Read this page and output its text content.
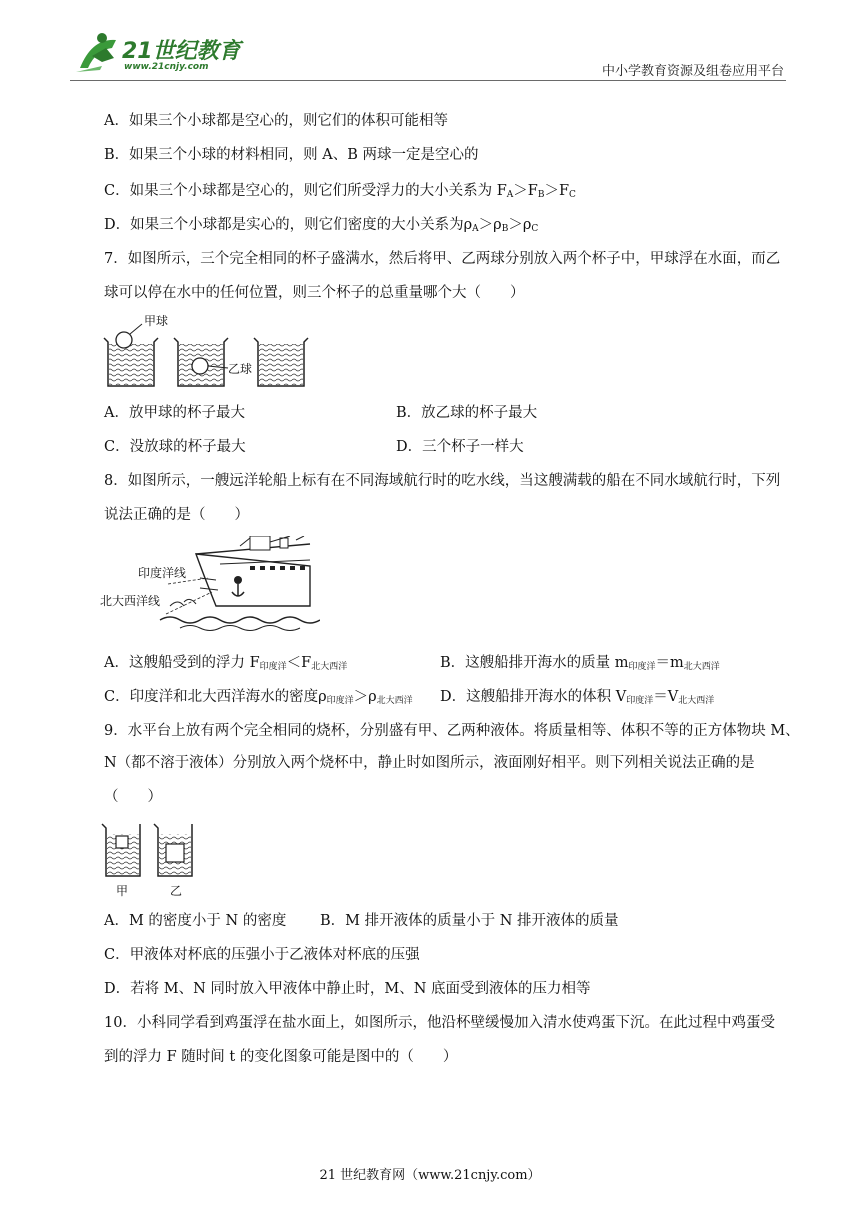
21世纪教育
www.21cnjy.com	中小学教育资源及组卷应用平台
A．如果三个小球都是空心的，则它们的体积可能相等
B．如果三个小球的材料相同，则 A、B 两球一定是空心的
C．如果三个小球都是空心的，则它们所受浮力的大小关系为 $F_A>F_B>F_C$
D．如果三个小球都是实心的，则它们密度的大小关系为$\rho_A>\rho_B>\rho_C$
7．如图所示，三个完全相同的杯子盛满水，然后将甲、乙两球分别放入两个杯子中，甲球浮在水面，而乙
球可以停在水中的任何位置，则三个杯子的总重量哪个大（　　）
甲球
乙球
A．放甲球的杯子最大	B．放乙球的杯子最大
C．没放球的杯子最大	D．三个杯子一样大
8．如图所示，一艘远洋轮船上标有在不同海域航行时的吃水线，当这艘满载的船在不同水域航行时，下列
说法正确的是（　　）
印度洋线
北大西洋线
A．这艘船受到的浮力 $F_{印度洋}<F_{北大西洋}$	B．这艘船排开海水的质量 $m_{印度洋}=m_{北大西洋}$
C．印度洋和北大西洋海水的密度$\rho_{印度洋}>\rho_{北大西洋}$ D．这艘船排开海水的体积 $V_{印度洋}=V_{北大西洋}$
9．水平台上放有两个完全相同的烧杯，分别盛有甲、乙两种液体。将质量相等、体积不等的正方体物块 M、
N（都不溶于液体）分别放入两个烧杯中，静止时如图所示，液面刚好相平。则下列相关说法正确的是
（　　）
甲	乙
A．M 的密度小于 N 的密度 B．M 排开液体的质量小于 N 排开液体的质量
C．甲液体对杯底的压强小于乙液体对杯底的压强
D．若将 M、N 同时放入甲液体中静止时，M、N 底面受到液体的压力相等
10．小科同学看到鸡蛋浮在盐水面上，如图所示，他沿杯壁缓慢加入清水使鸡蛋下沉。在此过程中鸡蛋受
到的浮力 F 随时间 t 的变化图象可能是图中的（　　）
21 世纪教育网（www.21cnjy.com）
